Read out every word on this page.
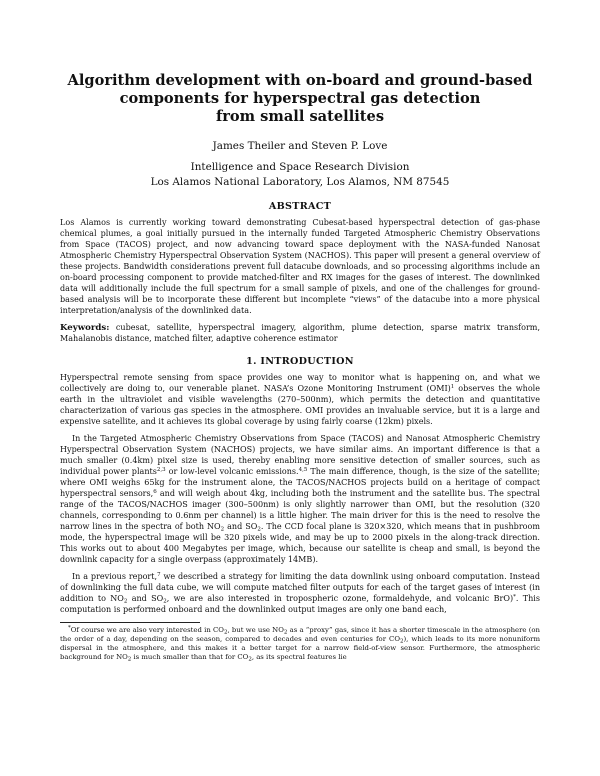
Algorithm development with on-board and ground-based
components for hyperspectral gas detection
from small satellites
James Theiler and Steven P. Love
Intelligence and Space Research Division
Los Alamos National Laboratory, Los Alamos, NM 87545
ABSTRACT

Los Alamos is currently working toward demonstrating Cubesat-based hyperspectral detection of gas-phase chemical plumes, a goal initially pursued in the internally funded Targeted Atmospheric Chemistry Observations from Space (TACOS) project, and now advancing toward space deployment with the NASA-funded Nanosat Atmospheric Chemistry Hyperspectral Observation System (NACHOS). This paper will present a general overview of these projects. Bandwidth considerations prevent full datacube downloads, and so processing algorithms include an on-board processing component to provide matched-filter and RX images for the gases of interest. The downlinked data will additionally include the full spectrum for a small sample of pixels, and one of the challenges for ground-based analysis will be to incorporate these different but incomplete “views” of the datacube into a more physical interpretation/analysis of the downlinked data.

Keywords: cubesat, satellite, hyperspectral imagery, algorithm, plume detection, sparse matrix transform, Mahalanobis distance, matched filter, adaptive coherence estimator
1. INTRODUCTION

Hyperspectral remote sensing from space provides one way to monitor what is happening on, and what we collectively are doing to, our venerable planet. NASA’s Ozone Monitoring Instrument (OMI)$^1$ observes the whole earth in the ultraviolet and visible wavelengths (270–500nm), which permits the detection and quantitative characterization of various gas species in the atmosphere. OMI provides an invaluable service, but it is a large and expensive satellite, and it achieves its global coverage by using fairly coarse (12km) pixels.

In the Targeted Atmospheric Chemistry Observations from Space (TACOS) and Nanosat Atmospheric Chemistry Hyperspectral Observation System (NACHOS) projects, we have similar aims. An important difference is that a much smaller (0.4km) pixel size is used, thereby enabling more sensitive detection of smaller sources, such as individual power plants$^{2,3}$ or low-level volcanic emissions.$^{4,5}$ The main difference, though, is the size of the satellite; where OMI weighs 65kg for the instrument alone, the TACOS/NACHOS projects build on a heritage of compact hyperspectral sensors,$^6$ and will weigh about 4kg, including both the instrument and the satellite bus. The spectral range of the TACOS/NACHOS imager (300–500nm) is only slightly narrower than OMI, but the resolution (320 channels, corresponding to 0.6nm per channel) is a little higher. The main driver for this is the need to resolve the narrow lines in the spectra of both $NO_2$ and $SO_2$. The CCD focal plane is 320×320, which means that in pushbroom mode, the hyperspectral image will be 320 pixels wide, and may be up to 2000 pixels in the along-track direction. This works out to about 400 Megabytes per image, which, because our satellite is cheap and small, is beyond the downlink capacity for a single overpass (approximately 14MB).

In a previous report,$^7$ we described a strategy for limiting the data downlink using onboard computation. Instead of downlinking the full data cube, we will compute matched filter outputs for each of the target gases of interest (in addition to $NO_2$ and $SO_2$, we are also interested in tropospheric ozone, formaldehyde, and volcanic BrO)*. This computation is performed onboard and the downlinked output images are only one band each,

*Of course we are also very interested in $CO_2$, but we use $NO_2$ as a “proxy” gas, since it has a shorter timescale in the atmosphere (on the order of a day, depending on the season, compared to decades and even centuries for $CO_2$), which leads to its more nonuniform dispersal in the atmosphere, and this makes it a better target for a narrow field-of-view sensor. Furthermore, the atmospheric background for $NO_2$ is much smaller than that for $CO_2$, as its spectral features lie
